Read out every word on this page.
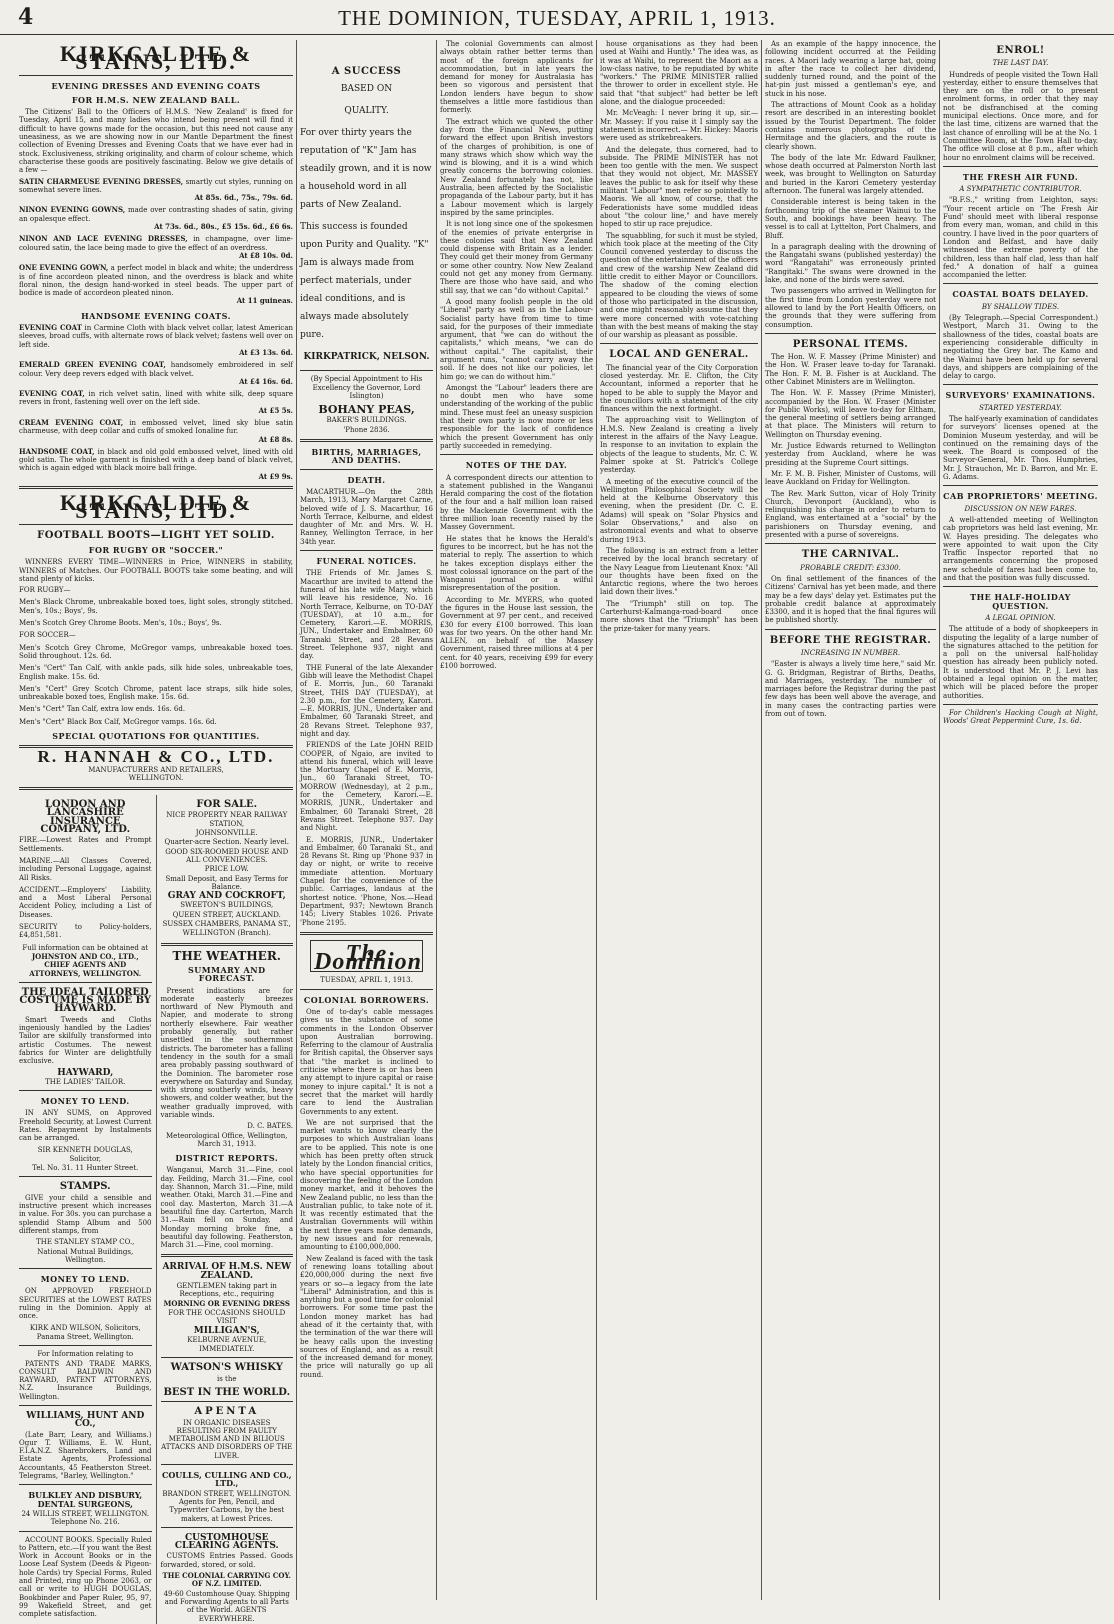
4	THE DOMINION, TUESDAY, APRIL 1, 1913.
KIRKCALDIE & STAINS, LTD.
EVENING DRESSES AND EVENING COATS
FOR H.M.S. NEW ZEALAND BALL.

The Citizens' Ball to the Officers of H.M.S. 'New Zealand' is fixed for Tuesday, April 15, and many ladies who intend being present will find it difficult to have gowns made for the occasion, but this need not cause any uneasiness, as we are showing now in our Mantle Department the finest collection of Evening Dresses and Evening Coats that we have ever had in stock. Exclusiveness, striking originality, and charm of colour scheme, which characterise these goods are positively fascinating. Below we give details of a few —

SATIN CHARMEUSE EVENING DRESSES, smartly cut styles, running on somewhat severe lines.

At 85s. 6d., 75s., 79s. 6d.
NINON EVENING GOWNS, made over contrasting shades of satin, giving an opalesque effect.

At 73s. 6d., 80s., £5 15s. 6d., £6 6s.
NINON AND LACE EVENING DRESSES, in champagne, over lime-coloured satin, the lace being made to give the effect of an overdress.

At £8 10s. 0d.
ONE EVENING GOWN, a perfect model in black and white; the underdress is of fine accordeon pleated ninon, and the overdress is black and white floral ninon, the design hand-worked in steel beads. The upper part of bodice is made of accordeon pleated ninon.

At 11 guineas.
HANDSOME EVENING COATS.
EVENING COAT in Carmine Cloth with black velvet collar, latest American sleeves, broad cuffs, with alternate rows of black velvet; fastens well over on left side.

At £3 13s. 6d.
EMERALD GREEN EVENING COAT, handsomely embroidered in self colour. Very deep revers edged with black velvet.

At £4 16s. 6d.
EVENING COAT, in rich velvet satin, lined with white silk, deep square revers in front, fastening well over on the left side.

At £5 5s.
CREAM EVENING COAT, in embossed velvet, lined sky blue satin charmeuse, with deep collar and cuffs of smoked Ionaline fur.

At £8 8s.
HANDSOME COAT, in black and old gold embossed velvet, lined with old gold satin. The whole garment is finished with a deep band of black velvet, which is again edged with black moire ball fringe.

At £9 9s.
KIRKCALDIE & STAINS, LTD.
FOOTBALL BOOTS—LIGHT YET SOLID.
FOR RUGBY OR "SOCCER."

WINNERS EVERY TIME—WINNERS in Price, WINNERS in stability, WINNERS of Matches. Our FOOTBALL BOOTS take some beating, and will stand plenty of kicks.

FOR RUGBY—
Men's Black Chrome, unbreakable boxed toes, light soles, strongly stitched. Men's, 10s.; Boys', 9s.
Men's Scotch Grey Chrome Boots. Men's, 10s.; Boys', 9s.
FOR SOCCER—
Men's Scotch Grey Chrome, McGregor vamps, unbreakable boxed toes. Solid throughout. 12s. 6d.
Men's "Cert" Tan Calf, with ankle pads, silk hide soles, unbreakable toes, English make. 15s. 6d.
Men's "Cert" Grey Scotch Chrome, patent lace straps, silk hide soles, unbreakable boxed toes, English make. 15s. 6d.
Men's "Cert" Tan Calf, extra low ends. 16s. 6d.
Men's "Cert" Black Box Calf, McGregor vamps. 16s. 6d.
SPECIAL QUOTATIONS FOR QUANTITIES.
R. HANNAH & CO., LTD.
MANUFACTURERS AND RETAILERS,
WELLINGTON.
LONDON AND LANCASHIRE INSURANCE COMPANY, LTD.
FIRE.—Lowest Rates and Prompt Settlements.
MARINE.—All Classes Covered, including Personal Luggage, against All Risks.
ACCIDENT.—Employers' Liability, and a Most Liberal Personal Accident Policy, including a List of Diseases.
SECURITY to Policy-holders, £4,851,581.
Full information can be obtained at
JOHNSTON AND CO., LTD., CHIEF AGENTS AND ATTORNEYS, WELLINGTON.
THE IDEAL TAILORED COSTUME IS MADE BY HAYWARD.

Smart Tweeds and Cloths ingeniously handled by the Ladies' Tailor are skilfully transformed into artistic Costumes. The newest fabrics for Winter are delightfully exclusive.

HAYWARD,
THE LADIES' TAILOR.
MONEY TO LEND.

IN ANY SUMS, on Approved Freehold Security, at Lowest Current Rates. Repayment by Instalments can be arranged.

SIR KENNETH DOUGLAS,
Solicitor,
Tel. No. 31. 11 Hunter Street.
STAMPS.

GIVE your child a sensible and instructive present which increases in value. For 30s. you can purchase a splendid Stamp Album and 500 different stamps, from

THE STANLEY STAMP CO.,
National Mutual Buildings, Wellington.
MONEY TO LEND.

ON APPROVED FREEHOLD SECURITIES at the LOWEST RATES ruling in the Dominion. Apply at once.

KIRK AND WILSON, Solicitors,
Panama Street, Wellington.
For Information relating to

PATENTS AND TRADE MARKS, CONSULT BALDWIN AND RAYWARD, PATENT ATTORNEYS, N.Z. Insurance Buildings, Wellington.

WILLIAMS, HUNT AND CO.,

(Late Barr, Leary, and Williams.) Ogur T. Williams, E. W. Hunt, F.I.A.N.Z. Sharebrokers, Land and Estate Agents, Professional Accountants, 45 Featherston Street. Telegrams, "Barley, Wellington."

BULKLEY AND DISBURY, DENTAL SURGEONS,
24 WILLIS STREET, WELLINGTON. Telephone No. 216.

ACCOUNT BOOKS. Specially Ruled to Pattern, etc.—If you want the Best Work in Account Books or in the Loose Leaf System (Deeds & Pigeon-hole Cards) try Special Forms, Ruled and Printed, ring up Phone 2063, or call or write to HUGH DOUGLAS, Bookbinder and Paper Ruler, 95, 97, 99 Wakefield Street, and get complete satisfaction.

FOR SALE.
NICE PROPERTY NEAR RAILWAY STATION,
JOHNSONVILLE.
Quarter-acre Section. Nearly level.
GOOD SIX-ROOMED HOUSE AND ALL CONVENIENCES.
PRICE LOW.
Small Deposit, and Easy Terms for Balance.
GRAY AND COCKROFT,
SWEETON'S BUILDINGS,
QUEEN STREET, AUCKLAND.
SUSSEX CHAMBERS, PANAMA ST.,
WELLINGTON (Branch).
THE WEATHER.
SUMMARY AND FORECAST.

Present indications are for moderate easterly breezes northward of New Plymouth and Napier, and moderate to strong northerly elsewhere. Fair weather probably generally, but rather unsettled in the southernmost districts. The barometer has a falling tendency in the south for a small area probably passing southward of the Dominion. The barometer rose everywhere on Saturday and Sunday, with strong southerly winds, heavy showers, and colder weather, but the weather gradually improved, with variable winds.

D. C. BATES.
Meteorological Office, Wellington, March 31, 1913.
DISTRICT REPORTS.

Wanganui, March 31.—Fine, cool day. Feilding, March 31.—Fine, cool day. Shannon, March 31.—Fine, mild weather. Otaki, March 31.—Fine and cool day. Masterton, March 31.—A beautiful fine day. Carterton, March 31.—Rain fell on Sunday, and Monday morning broke fine, a beautiful day following. Featherston, March 31.—Fine, cool morning.

ARRIVAL OF H.M.S. NEW ZEALAND.
GENTLEMEN taking part in Receptions, etc., requiring
MORNING OR EVENING DRESS
FOR THE OCCASIONS SHOULD VISIT
MILLIGAN'S,
KELBURNE AVENUE,
IMMEDIATELY.
WATSON'S WHISKY
is the
BEST IN THE WORLD.
APENTA
IN ORGANIC DISEASES RESULTING FROM FAULTY METABOLISM AND IN BILIOUS ATTACKS AND DISORDERS OF THE LIVER.
COULLS, CULLING AND CO., LTD.,
BRANDON STREET, WELLINGTON. Agents for Pen, Pencil, and Typewriter Carbons, by the best makers, at Lowest Prices.
CUSTOMHOUSE CLEARING AGENTS.

CUSTOMS Entries Passed. Goods forwarded, stored, or sold.

THE COLONIAL CARRYING COY. OF N.Z. LIMITED.
49-60 Customhouse Quay. Shipping and Forwarding Agents to all Parts of the World. AGENTS EVERYWHERE.
A SUCCESS
BASED ON
QUALITY.
For over thirty years the reputation of "K" Jam has steadily grown, and it is now a household word in all parts of New Zealand.
This success is founded upon Purity and Quality. "K" Jam is always made from perfect materials, under ideal conditions, and is always made absolutely pure.
KIRKPATRICK, NELSON.
(By Special Appointment to His Excellency the Governor, Lord Islington)
BOHANY PEAS,
BAKER'S BUILDINGS.
'Phone 2836.
BIRTHS, MARRIAGES, AND DEATHS.
DEATH.

MACARTHUR.—On the 28th March, 1913, Mary Margaret Carne, beloved wife of J. S. Macarthur, 16 North Terrace, Kelburne, and eldest daughter of Mr. and Mrs. W. H. Ranney, Wellington Terrace, in her 34th year.

FUNERAL NOTICES.

THE Friends of Mr. James S. Macarthur are invited to attend the funeral of his late wife Mary, which will leave his residence, No. 16 North Terrace, Kelburne, on TO-DAY (TUESDAY), at 10 a.m., for Cemetery, Karori.—E. MORRIS, JUN., Undertaker and Embalmer, 60 Taranaki Street, and 28 Revans Street. Telephone 937, night and day.

THE Funeral of the late Alexander Gibb will leave the Methodist Chapel of E. Morris, Jun., 60 Taranaki Street, THIS DAY (TUESDAY), at 2.30 p.m., for the Cemetery, Karori.—E. MORRIS, JUN., Undertaker and Embalmer, 60 Taranaki Street, and 28 Revans Street. Telephone 937, night and day.

FRIENDS of the Late JOHN REID COOPER, of Ngaio, are invited to attend his funeral, which will leave the Mortuary Chapel of E. Morris, Jun., 60 Taranaki Street, TO-MORROW (Wednesday), at 2 p.m., for the Cemetery, Karori.—E. MORRIS, JUNR., Undertaker and Embalmer, 60 Taranaki Street, 28 Revans Street. Telephone 937. Day and Night.

E. MORRIS, JUNR., Undertaker and Embalmer, 60 Taranaki St., and 28 Revans St. Ring up 'Phone 937 in day or night, or write to receive immediate attention. Mortuary Chapel for the convenience of the public. Carriages, landaus at the shortest notice. 'Phone, Nos.—Head Department, 937; Newtown Branch 145; Livery Stables 1026. Private 'Phone 2195.

The Dominion
TUESDAY, APRIL 1, 1913.
COLONIAL BORROWERS.

One of to-day's cable messages gives us the substance of some comments in the London Observer upon Australian borrowing. Referring to the clamour of Australia for British capital, the Observer says that "the market is inclined to criticise where there is or has been any attempt to injure capital or raise money to injure capital." It is not a secret that the market will hardly care to lend the Australian Governments to any extent.

We are not surprised that the market wants to know clearly the purposes to which Australian loans are to be applied. This note is one which has been pretty often struck lately by the London financial critics, who have special opportunities for discovering the feeling of the London money market, and it behoves the New Zealand public, no less than the Australian public, to take note of it. It was recently estimated that the Australian Governments will within the next three years make demands, by new issues and for renewals, amounting to £100,000,000.

New Zealand is faced with the task of renewing loans totalling about £20,000,000 during the next five years or so—a legacy from the late "Liberal" Administration, and this is anything but a good time for colonial borrowers. For some time past the London money market has had ahead of it the certainty that, with the termination of the war there will be heavy calls upon the investing sources of England, and as a result of the increased demand for money, the price will naturally go up all round.

The colonial Governments can almost always obtain rather better terms than most of the foreign applicants for accommodation, but in late years the demand for money for Australasia has been so vigorous and persistent that London lenders have begun to show themselves a little more fastidious than formerly.

The extract which we quoted the other day from the Financial News, putting forward the effect upon British investors of the charges of prohibition, is one of many straws which show which way the wind is blowing, and it is a wind which greatly concerns the borrowing colonies. New Zealand fortunately has not, like Australia, been affected by the Socialistic propaganda of the Labour party, but it has a Labour movement which is largely inspired by the same principles.

It is not long since one of the spokesmen of the enemies of private enterprise in these colonies said that New Zealand could dispense with Britain as a lender. They could get their money from Germany or some other country. Now New Zealand could not get any money from Germany. There are those who have said, and who still say, that we can "do without Capital."

A good many foolish people in the old "Liberal" party as well as in the Labour-Socialist party have from time to time said, for the purposes of their immediate argument, that "we can do without the capitalists," which means, "we can do without capital." The capitalist, their argument runs, "cannot carry away the soil. If he does not like our policies, let him go; we can do without him."

Amongst the "Labour" leaders there are no doubt men who have some understanding of the working of the public mind. These must feel an uneasy suspicion that their own party is now more or less responsible for the lack of confidence which the present Government has only partly succeeded in remedying.

NOTES OF THE DAY.

A correspondent directs our attention to a statement published in the Wanganui Herald comparing the cost of the flotation of the four and a half million loan raised by the Mackenzie Government with the three million loan recently raised by the Massey Government.

He states that he knows the Herald's figures to be incorrect, but he has not the material to reply. The assertion to which he takes exception displays either the most colossal ignorance on the part of the Wanganui journal or a wilful misrepresentation of the position.

According to Mr. MYERS, who quoted the figures in the House last session, the Government at 97 per cent., and received £30 for every £100 borrowed. This loan was for two years. On the other hand Mr. ALLEN, on behalf of the Massey Government, raised three millions at 4 per cent. for 40 years, receiving £99 for every £100 borrowed.

house organisations as they had been used at Waihi and Huntly." The idea was, as it was at Waihi, to represent the Maori as a low-class native, to be repudiated by white "workers." The PRIME MINISTER rallied the thrower to order in excellent style. He said that "that subject" had better be left alone, and the dialogue proceeded:

Mr. McVeagh: I never bring it up, sir.— Mr. Massey: If you raise it I simply say the statement is incorrect.— Mr. Hickey: Maoris were used as strikebreakers.

And the delegate, thus cornered, had to subside. The PRIME MINISTER has not been too gentle with the men. We suspect that they would not object, Mr. MASSEY leaves the public to ask for itself why these militant "Labour" men refer so pointedly to Maoris. We all know, of course, that the Federationists have some muddled ideas about "the colour line," and have merely hoped to stir up race prejudice.

The squabbling, for such it must be styled, which took place at the meeting of the City Council convened yesterday to discuss the question of the entertainment of the officers and crew of the warship New Zealand did little credit to either Mayor or Councillors. The shadow of the coming election appeared to be clouding the views of some of those who participated in the discussion, and one might reasonably assume that they were more concerned with vote-catching than with the best means of making the stay of our warship as pleasant as possible.

LOCAL AND GENERAL.

The financial year of the City Corporation closed yesterday. Mr. E. Clifton, the City Accountant, informed a reporter that he hoped to be able to supply the Mayor and the councillors with a statement of the city finances within the next fortnight.

The approaching visit to Wellington of H.M.S. New Zealand is creating a lively interest in the affairs of the Navy League. In response to an invitation to explain the objects of the league to students, Mr. C. W. Palmer spoke at St. Patrick's College yesterday.

A meeting of the executive council of the Wellington Philosophical Society will be held at the Kelburne Observatory this evening, when the president (Dr. C. E. Adams) will speak on "Solar Physics and Solar Observations," and also on astronomical events and what to observe during 1913.

The following is an extract from a letter received by the local branch secretary of the Navy League from Lieutenant Knox: "All our thoughts have been fixed on the Antarctic regions, where the two heroes laid down their lives."

The "Triumph" still on top. The Carterhurst-Kalmanga-road-board once more shows that the "Triumph" has been the prize-taker for many years.

As an example of the happy innocence, the following incident occurred at the Feilding races. A Maori lady wearing a large hat, going in after the race to collect her dividend, suddenly turned round, and the point of the hat-pin just missed a gentleman's eye, and stuck in his nose.

The attractions of Mount Cook as a holiday resort are described in an interesting booklet issued by the Tourist Department. The folder contains numerous photographs of the Hermitage and the glaciers, and the route is clearly shown.

The body of the late Mr. Edward Faulkner, whose death occurred at Palmerston North last week, was brought to Wellington on Saturday and buried in the Karori Cemetery yesterday afternoon. The funeral was largely attended.

Considerable interest is being taken in the forthcoming trip of the steamer Wainui to the South, and bookings have been heavy. The vessel is to call at Lyttelton, Port Chalmers, and Bluff.

In a paragraph dealing with the drowning of the Rangatahi swans (published yesterday) the word "Rangatahi" was erroneously printed "Rangitaki." The swans were drowned in the lake, and none of the birds were saved.

Two passengers who arrived in Wellington for the first time from London yesterday were not allowed to land by the Port Health Officers, on the grounds that they were suffering from consumption.

PERSONAL ITEMS.

The Hon. W. F. Massey (Prime Minister) and the Hon. W. Fraser leave to-day for Taranaki. The Hon. F. M. B. Fisher is at Auckland. The other Cabinet Ministers are in Wellington.

The Hon. W. F. Massey (Prime Minister), accompanied by the Hon. W. Fraser (Minister for Public Works), will leave to-day for Eltham, the general meeting of settlers being arranged at that place. The Ministers will return to Wellington on Thursday evening.

Mr. Justice Edwards returned to Wellington yesterday from Auckland, where he was presiding at the Supreme Court sittings.

Mr. F. M. B. Fisher, Minister of Customs, will leave Auckland on Friday for Wellington.

The Rev. Mark Sutton, vicar of Holy Trinity Church, Devonport (Auckland), who is relinquishing his charge in order to return to England, was entertained at a "social" by the parishioners on Thursday evening, and presented with a purse of sovereigns.

THE CARNIVAL.
PROBABLE CREDIT: £3300.

On final settlement of the finances of the Citizens' Carnival has yet been made, and there may be a few days' delay yet. Estimates put the probable credit balance at approximately £3300, and it is hoped that the final figures will be published shortly.

BEFORE THE REGISTRAR.
INCREASING IN NUMBER.

"Easter is always a lively time here," said Mr. G. G. Bridgman, Registrar of Births, Deaths, and Marriages, yesterday. The number of marriages before the Registrar during the past few days has been well above the average, and in many cases the contracting parties were from out of town.

ENROL!
THE LAST DAY.

Hundreds of people visited the Town Hall yesterday, either to ensure themselves that they are on the roll or to present enrolment forms, in order that they may not be disfranchised at the coming municipal elections. Once more, and for the last time, citizens are warned that the last chance of enrolling will be at the No. 1 Committee Room, at the Town Hall to-day. The office will close at 8 p.m., after which hour no enrolment claims will be received.

THE FRESH AIR FUND.
A SYMPATHETIC CONTRIBUTOR.

"B.F.S.," writing from Leighton, says: "Your recent article on 'The Fresh Air Fund' should meet with liberal response from every man, woman, and child in this country. I have lived in the poor quarters of London and Belfast, and have daily witnessed the extreme poverty of the children, less than half clad, less than half fed." A donation of half a guinea accompanied the letter.

COASTAL BOATS DELAYED.
BY SHALLOW TIDES.

(By Telegraph.—Special Correspondent.) Westport, March 31. Owing to the shallowness of the tides, coastal boats are experiencing considerable difficulty in negotiating the Grey bar. The Kamo and the Wainui have been held up for several days, and shippers are complaining of the delay to cargo.

SURVEYORS' EXAMINATIONS.
STARTED YESTERDAY.

The half-yearly examination of candidates for surveyors' licenses opened at the Dominion Museum yesterday, and will be continued on the remaining days of the week. The Board is composed of the Surveyor-General, Mr. Thos. Humphries, Mr. J. Strauchon, Mr. D. Barron, and Mr. E. G. Adams.

CAB PROPRIETORS' MEETING.
DISCUSSION ON NEW FARES.

A well-attended meeting of Wellington cab proprietors was held last evening, Mr. W. Hayes presiding. The delegates who were appointed to wait upon the City Traffic Inspector reported that no arrangements concerning the proposed new schedule of fares had been come to, and that the position was fully discussed.

THE HALF-HOLIDAY QUESTION.
A LEGAL OPINION.

The attitude of a body of shopkeepers in disputing the legality of a large number of the signatures attached to the petition for a poll on the universal half-holiday question has already been publicly noted. It is understood that Mr. P. J. Levi has obtained a legal opinion on the matter, which will be placed before the proper authorities.

For Children's Hacking Cough at Night, Woods' Great Peppermint Cure, 1s. 6d.
